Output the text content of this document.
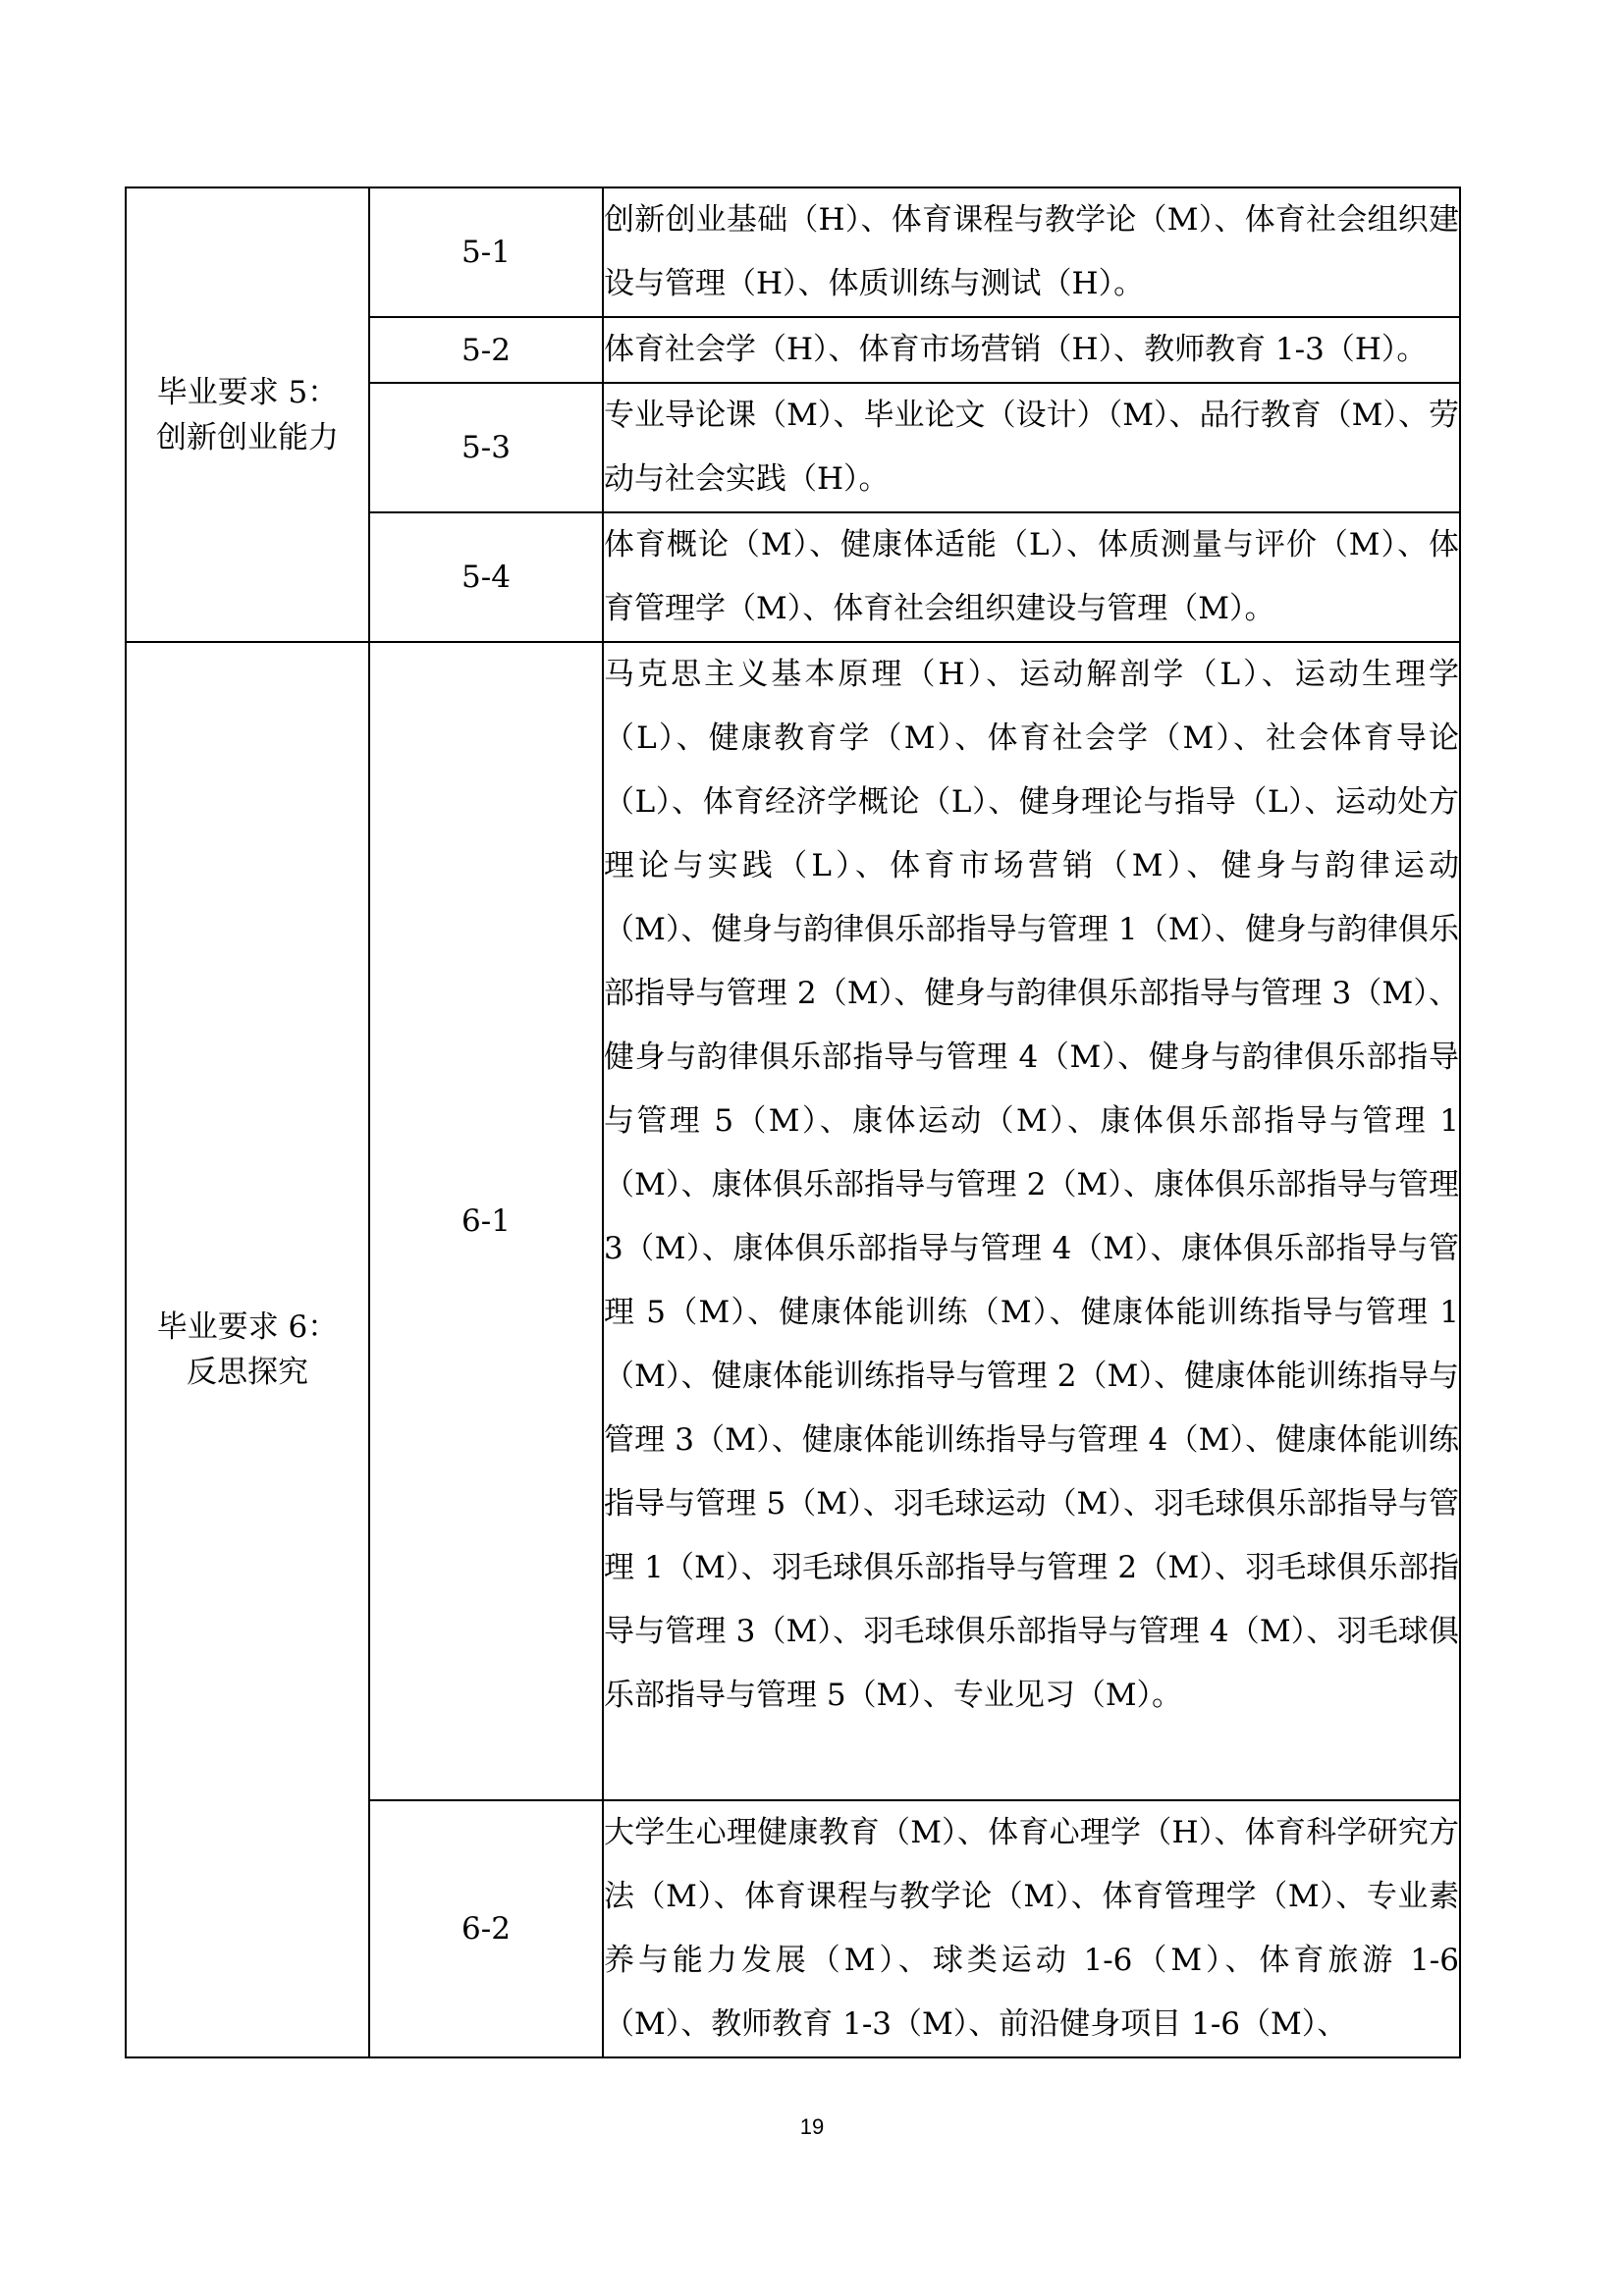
毕业要求 5：
创新创业能力	5-1	创新创业基础（H）、体育课程与教学论（M）、体育社会组织建设与管理（H）、体质训练与测试（H）。
	5-2	体育社会学（H）、体育市场营销（H）、教师教育 1-3（H）。
	5-3	专业导论课（M）、毕业论文（设计）（M）、品行教育（M）、劳动与社会实践（H）。
	5-4	体育概论（M）、健康体适能（L）、体质测量与评价（M）、体育管理学（M）、体育社会组织建设与管理（M）。

毕业要求 6：
反思探究	6-1	马克思主义基本原理（H）、运动解剖学（L）、运动生理学（L）、健康教育学（M）、体育社会学（M）、社会体育导论（L）、体育经济学概论（L）、健身理论与指导（L）、运动处方理论与实践（L）、体育市场营销（M）、健身与韵律运动（M）、健身与韵律俱乐部指导与管理 1（M）、健身与韵律俱乐部指导与管理 2（M）、健身与韵律俱乐部指导与管理 3（M）、健身与韵律俱乐部指导与管理 4（M）、健身与韵律俱乐部指导与管理 5（M）、康体运动（M）、康体俱乐部指导与管理 1（M）、康体俱乐部指导与管理 2（M）、康体俱乐部指导与管理 3（M）、康体俱乐部指导与管理 4（M）、康体俱乐部指导与管理 5（M）、健康体能训练（M）、健康体能训练指导与管理 1（M）、健康体能训练指导与管理 2（M）、健康体能训练指导与管理 3（M）、健康体能训练指导与管理 4（M）、健康体能训练指导与管理 5（M）、羽毛球运动（M）、羽毛球俱乐部指导与管理 1（M）、羽毛球俱乐部指导与管理 2（M）、羽毛球俱乐部指导与管理 3（M）、羽毛球俱乐部指导与管理 4（M）、羽毛球俱乐部指导与管理 5（M）、专业见习（M）。
	6-2	大学生心理健康教育（M）、体育心理学（H）、体育科学研究方法（M）、体育课程与教学论（M）、体育管理学（M）、专业素养与能力发展（M）、球类运动 1-6（M）、体育旅游 1-6（M）、教师教育 1-3（M）、前沿健身项目 1-6（M）、
19
